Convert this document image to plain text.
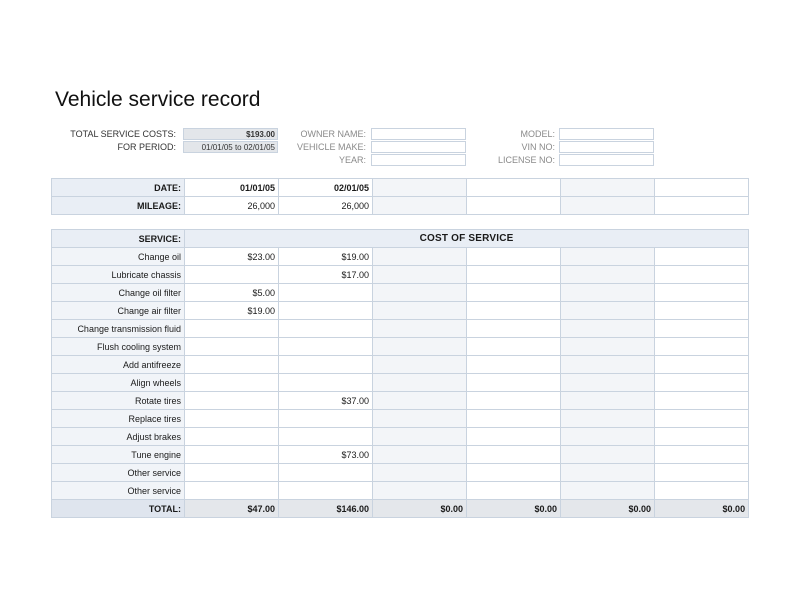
Vehicle service record
TOTAL SERVICE COSTS:	$193.00
FOR PERIOD:	01/01/05 to 02/01/05
OWNER NAME:
VEHICLE MAKE:
YEAR:
MODEL:
VIN NO:
LICENSE NO:
DATE:	01/01/05	02/01/05				
MILEAGE:	26,000	26,000				
SERVICE:	COST OF SERVICE					
Change oil	$23.00	$19.00				
Lubricate chassis		$17.00				
Change oil filter	$5.00					
Change air filter	$19.00					
Change transmission fluid						
Flush cooling system						
Add antifreeze						
Align wheels						
Rotate tires		$37.00				
Replace tires						
Adjust brakes						
Tune engine		$73.00				
Other service						
Other service						
TOTAL:	$47.00	$146.00	$0.00	$0.00	$0.00	$0.00
